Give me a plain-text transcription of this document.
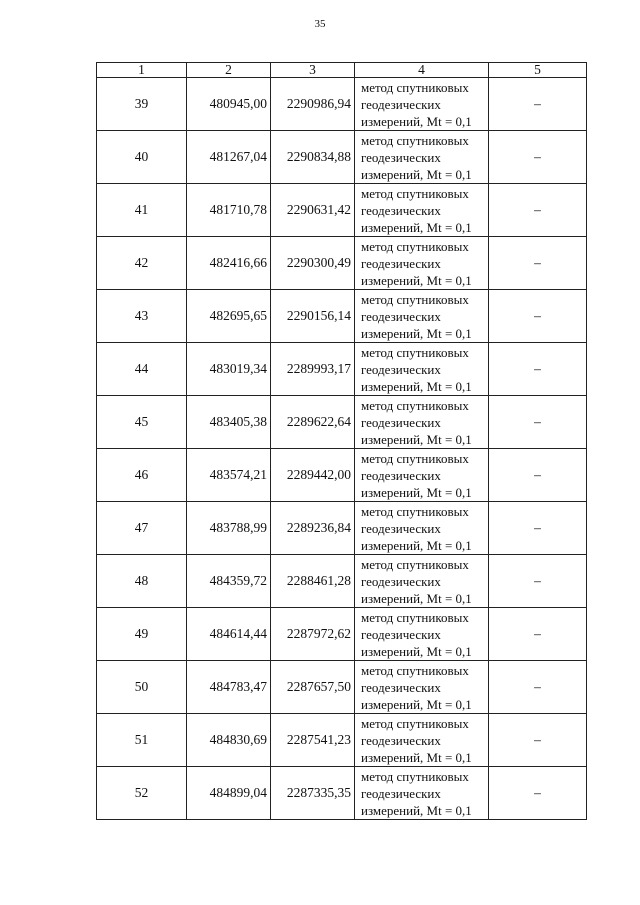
35
1	2	3	4	5
39	480945,00	2290986,94	метод спутниковых
геодезических
измерений, Mt = 0,1	–
40	481267,04	2290834,88	метод спутниковых
геодезических
измерений, Mt = 0,1	–
41	481710,78	2290631,42	метод спутниковых
геодезических
измерений, Mt = 0,1	–
42	482416,66	2290300,49	метод спутниковых
геодезических
измерений, Mt = 0,1	–
43	482695,65	2290156,14	метод спутниковых
геодезических
измерений, Mt = 0,1	–
44	483019,34	2289993,17	метод спутниковых
геодезических
измерений, Mt = 0,1	–
45	483405,38	2289622,64	метод спутниковых
геодезических
измерений, Mt = 0,1	–
46	483574,21	2289442,00	метод спутниковых
геодезических
измерений, Mt = 0,1	–
47	483788,99	2289236,84	метод спутниковых
геодезических
измерений, Mt = 0,1	–
48	484359,72	2288461,28	метод спутниковых
геодезических
измерений, Mt = 0,1	–
49	484614,44	2287972,62	метод спутниковых
геодезических
измерений, Mt = 0,1	–
50	484783,47	2287657,50	метод спутниковых
геодезических
измерений, Mt = 0,1	–
51	484830,69	2287541,23	метод спутниковых
геодезических
измерений, Mt = 0,1	–
52	484899,04	2287335,35	метод спутниковых
геодезических
измерений, Mt = 0,1	–
